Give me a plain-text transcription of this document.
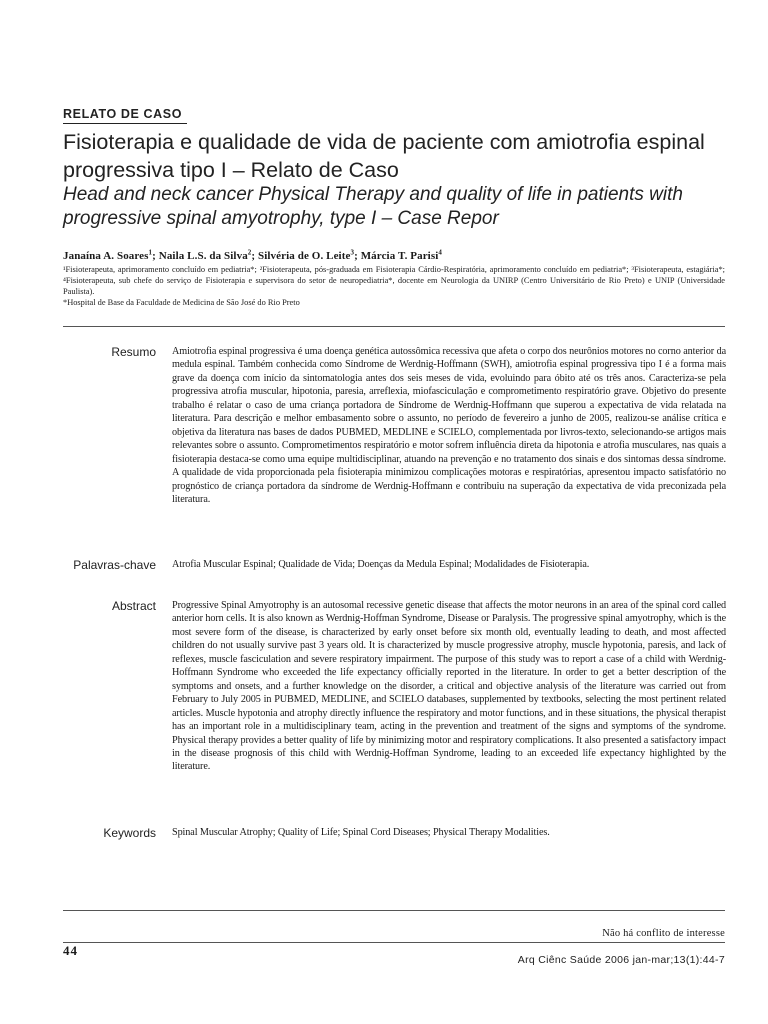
RELATO DE CASO
Fisioterapia e qualidade de vida de paciente com amiotrofia espinal progressiva tipo I – Relato de Caso
Head and neck cancer Physical Therapy and quality of life in patients with progressive spinal amyotrophy, type I – Case Repor
Janaína A. Soares$^1$; Naila L.S. da Silva$^2$; Silvéria de O. Leite$^3$; Márcia T. Parisi$^4$

¹Fisioterapeuta, aprimoramento concluído em pediatria*; ²Fisioterapeuta, pós-graduada em Fisioterapia Cárdio-Respiratória, aprimoramento concluído em pediatria*; ³Fisioterapeuta, estagiária*; ⁴Fisioterapeuta, sub chefe do serviço de Fisioterapia e supervisora do setor de neuropediatria*, docente em Neurologia da UNIRP (Centro Universitário de Rio Preto) e UNIP (Universidade Paulista).

*Hospital de Base da Faculdade de Medicina de São José do Rio Preto

Resumo Amiotrofia espinal progressiva é uma doença genética autossômica recessiva que afeta o corpo dos neurônios motores no corno anterior da medula espinal. Também conhecida como Síndrome de Werdnig-Hoffmann (SWH), amiotrofia espinal progressiva tipo I é a forma mais grave da doença com início da sintomatologia antes dos seis meses de vida, evoluindo para óbito até os três anos. Caracteriza-se pela progressiva atrofia muscular, hipotonia, paresia, arreflexia, miofasciculação e comprometimento respiratório grave. Objetivo do presente trabalho é relatar o caso de uma criança portadora de Síndrome de Werdnig-Hoffmann que superou a expectativa de vida relatada na literatura. Para descrição e melhor embasamento sobre o assunto, no período de fevereiro a junho de 2005, realizou-se análise crítica e objetiva da literatura nas bases de dados PUBMED, MEDLINE e SCIELO, complementada por livros-texto, selecionando-se artigos mais relevantes sobre o assunto. Comprometimentos respiratório e motor sofrem influência direta da hipotonia e atrofia musculares, nas quais a fisioterapia destaca-se como uma equipe multidisciplinar, atuando na prevenção e no tratamento dos sinais e dos sintomas dessa síndrome. A qualidade de vida proporcionada pela fisioterapia minimizou complicações motoras e respiratórias, apresentou impacto satisfatório no prognóstico de criança portadora da síndrome de Werdnig-Hoffmann e contribuiu na superação da expectativa de vida preconizada pela literatura.
Palavras-chave Atrofia Muscular Espinal; Qualidade de Vida; Doenças da Medula Espinal; Modalidades de Fisioterapia.
Abstract Progressive Spinal Amyotrophy is an autosomal recessive genetic disease that affects the motor neurons in an area of the spinal cord called anterior horn cells. It is also known as Werdnig-Hoffman Syndrome, Disease or Paralysis. The progressive spinal amyotrophy, which is the most severe form of the disease, is characterized by early onset before six month old, eventually leading to death, and most affected children do not usually survive past 3 years old. It is characterized by muscle progressive atrophy, muscle hypotonia, paresis, and lack of reflexes, muscle fasciculation and severe respiratory impairment. The purpose of this study was to report a case of a child with Werdnig-Hoffmann Syndrome who exceeded the life expectancy officially reported in the literature. In order to get a better description of the symptoms and onsets, and a further knowledge on the disorder, a critical and objective analysis of the literature was carried out from February to July 2005 in PUBMED, MEDLINE, and SCIELO databases, supplemented by textbooks, selecting the most pertinent related articles. Muscle hypotonia and atrophy directly influence the respiratory and motor functions, and in these situations, the physical therapist has an important role in a multidisciplinary team, acting in the prevention and treatment of the signs and symptoms of the syndrome. Physical therapy provides a better quality of life by minimizing motor and respiratory complications. It also presented a satisfactory impact in the disease prognosis of this child with Werdnig-Hoffman Syndrome, leading to an exceeded life expectancy highlighted by the literature.
Keywords Spinal Muscular Atrophy; Quality of Life; Spinal Cord Diseases; Physical Therapy Modalities.
Não há conflito de interesse
44
Arq Ciênc Saúde 2006 jan-mar;13(1):44-7
